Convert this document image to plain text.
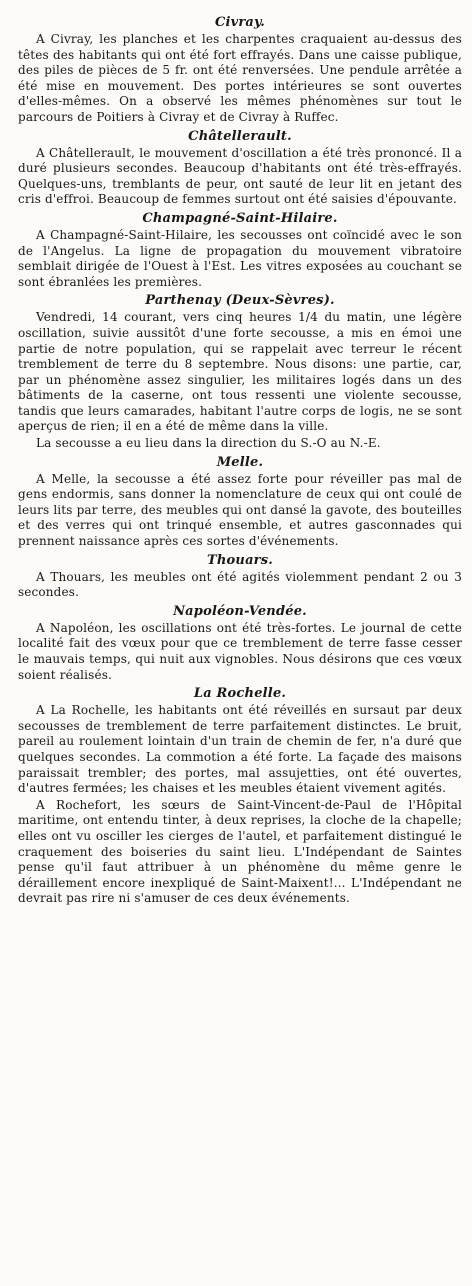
Civray.

A Civray, les planches et les charpentes craquaient au-dessus des têtes des habitants qui ont été fort effrayés. Dans une caisse publique, des piles de pièces de 5 fr. ont été renversées. Une pendule arrêtée a été mise en mouvement. Des portes intérieures se sont ouvertes d'elles-mêmes. On a observé les mêmes phénomènes sur tout le parcours de Poitiers à Civray et de Civray à Ruffec.

Châtellerault.

A Châtellerault, le mouvement d'oscillation a été très prononcé. Il a duré plusieurs secondes. Beaucoup d'habitants ont été très-effrayés. Quelques-uns, tremblants de peur, ont sauté de leur lit en jetant des cris d'effroi. Beaucoup de femmes surtout ont été saisies d'épouvante.

Champagné-Saint-Hilaire.

A Champagné-Saint-Hilaire, les secousses ont coïncidé avec le son de l'Angelus. La ligne de propagation du mouvement vibratoire semblait dirigée de l'Ouest à l'Est. Les vitres exposées au couchant se sont ébranlées les premières.

Parthenay (Deux-Sèvres).

Vendredi, 14 courant, vers cinq heures 1/4 du matin, une légère oscillation, suivie aussitôt d'une forte secousse, a mis en émoi une partie de notre population, qui se rappelait avec terreur le récent tremblement de terre du 8 septembre. Nous disons: une partie, car, par un phénomène assez singulier, les militaires logés dans un des bâtiments de la caserne, ont tous ressenti une violente secousse, tandis que leurs camarades, habitant l'autre corps de logis, ne se sont aperçus de rien; il en a été de même dans la ville.

La secousse a eu lieu dans la direction du S.-O au N.-E.

Melle.

A Melle, la secousse a été assez forte pour réveiller pas mal de gens endormis, sans donner la nomenclature de ceux qui ont coulé de leurs lits par terre, des meubles qui ont dansé la gavote, des bouteilles et des verres qui ont trinqué ensemble, et autres gasconnades qui prennent naissance après ces sortes d'événements.

Thouars.

A Thouars, les meubles ont été agités violemment pendant 2 ou 3 secondes.

Napoléon-Vendée.

A Napoléon, les oscillations ont été très-fortes. Le journal de cette localité fait des vœux pour que ce tremblement de terre fasse cesser le mauvais temps, qui nuit aux vignobles. Nous désirons que ces vœux soient réalisés.

La Rochelle.

A La Rochelle, les habitants ont été réveillés en sursaut par deux secousses de tremblement de terre parfaitement distinctes. Le bruit, pareil au roulement lointain d'un train de chemin de fer, n'a duré que quelques secondes. La commotion a été forte. La façade des maisons paraissait trembler; des portes, mal assujetties, ont été ouvertes, d'autres fermées; les chaises et les meubles étaient vivement agités.

A Rochefort, les sœurs de Saint-Vincent-de-Paul de l'Hôpital maritime, ont entendu tinter, à deux reprises, la cloche de la chapelle; elles ont vu osciller les cierges de l'autel, et parfaitement distingué le craquement des boiseries du saint lieu. L'Indépendant de Saintes pense qu'il faut attribuer à un phénomène du même genre le déraillement encore inexpliqué de Saint-Maixent!... L'Indépendant ne devrait pas rire ni s'amuser de ces deux événements.
